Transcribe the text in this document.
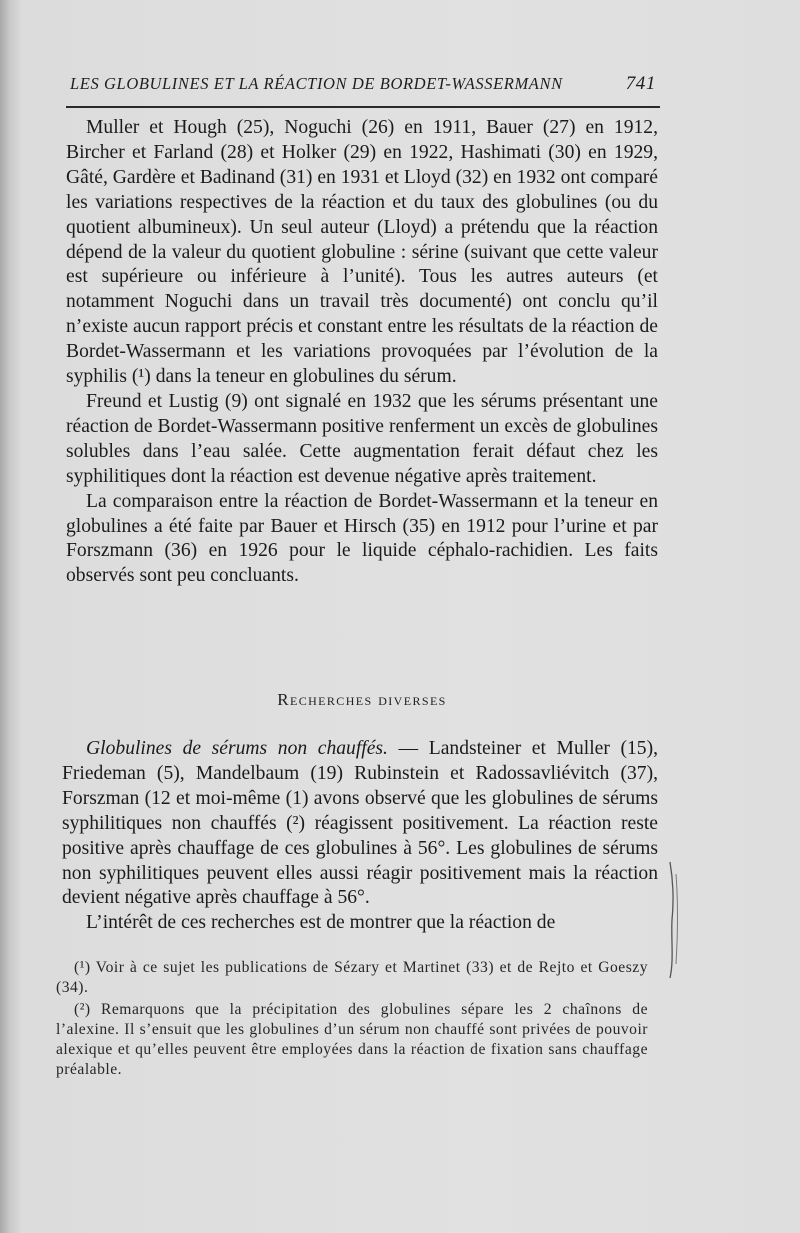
LES GLOBULINES ET LA RÉACTION DE BORDET-WASSERMANN	741

Muller et Hough (25), Noguchi (26) en 1911, Bauer (27) en 1912, Bircher et Farland (28) et Holker (29) en 1922, Hashimati (30) en 1929, Gâté, Gardère et Badinand (31) en 1931 et Lloyd (32) en 1932 ont comparé les variations respectives de la réaction et du taux des globulines (ou du quotient albumineux). Un seul auteur (Lloyd) a prétendu que la réaction dépend de la valeur du quotient globuline : sérine (suivant que cette valeur est supérieure ou inférieure à l’unité). Tous les autres auteurs (et notamment Noguchi dans un travail très documenté) ont conclu qu’il n’existe aucun rapport précis et constant entre les résultats de la réaction de Bordet-Wassermann et les variations provoquées par l’évolution de la syphilis (¹) dans la teneur en globulines du sérum.

Freund et Lustig (9) ont signalé en 1932 que les sérums présentant une réaction de Bordet-Wassermann positive renferment un excès de globulines solubles dans l’eau salée. Cette augmentation ferait défaut chez les syphilitiques dont la réaction est devenue négative après traitement.

La comparaison entre la réaction de Bordet-Wassermann et la teneur en globulines a été faite par Bauer et Hirsch (35) en 1912 pour l’urine et par Forszmann (36) en 1926 pour le liquide céphalo-rachidien. Les faits observés sont peu concluants.

Recherches diverses

Globulines de sérums non chauffés. — Landsteiner et Muller (15), Friedeman (5), Mandelbaum (19) Rubinstein et Radossavliévitch (37), Forszman (12 et moi-même (1) avons observé que les globulines de sérums syphilitiques non chauffés (²) réagissent positivement. La réaction reste positive après chauffage de ces globulines à 56°. Les globulines de sérums non syphilitiques peuvent elles aussi réagir positivement mais la réaction devient négative après chauffage à 56°.

L’intérêt de ces recherches est de montrer que la réaction de

(¹) Voir à ce sujet les publications de Sézary et Martinet (33) et de Rejto et Goeszy (34).

(²) Remarquons que la précipitation des globulines sépare les 2 chaînons de l’alexine. Il s’ensuit que les globulines d’un sérum non chauffé sont privées de pouvoir alexique et qu’elles peuvent être employées dans la réaction de fixation sans chauffage préalable.
